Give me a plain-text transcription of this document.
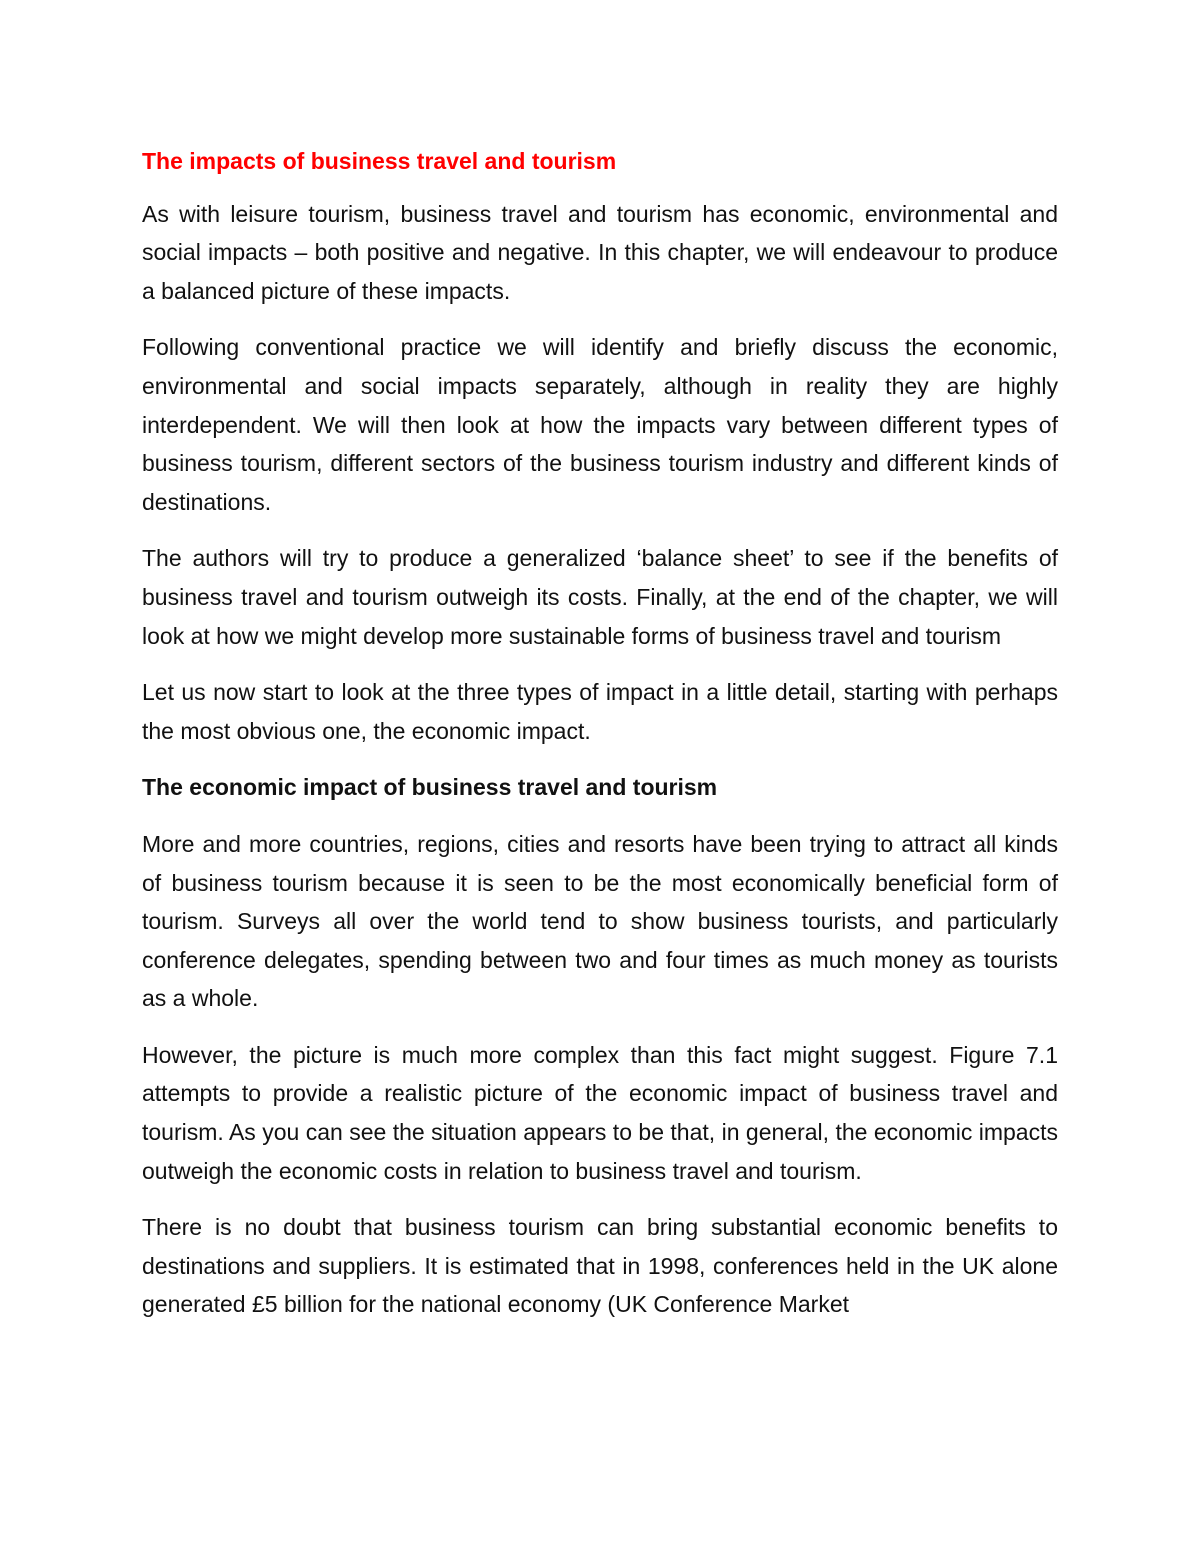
The impacts of business travel and tourism

As with leisure tourism, business travel and tourism has economic, environmental and social impacts – both positive and negative. In this chapter, we will endeavour to produce a balanced picture of these impacts.

Following conventional practice we will identify and briefly discuss the economic, environmental and social impacts separately, although in reality they are highly interdependent. We will then look at how the impacts vary between different types of business tourism, different sectors of the business tourism industry and different kinds of destinations.

The authors will try to produce a generalized ‘balance sheet’ to see if the benefits of business travel and tourism outweigh its costs. Finally, at the end of the chapter, we will look at how we might develop more sustainable forms of business travel and tourism

Let us now start to look at the three types of impact in a little detail, starting with perhaps the most obvious one, the economic impact.

The economic impact of business travel and tourism

More and more countries, regions, cities and resorts have been trying to attract all kinds of business tourism because it is seen to be the most economically beneficial form of tourism. Surveys all over the world tend to show business tourists, and particularly conference delegates, spending between two and four times as much money as tourists as a whole.

However, the picture is much more complex than this fact might suggest. Figure 7.1 attempts to provide a realistic picture of the economic impact of business travel and tourism. As you can see the situation appears to be that, in general, the economic impacts outweigh the economic costs in relation to business travel and tourism.

There is no doubt that business tourism can bring substantial economic benefits to destinations and suppliers. It is estimated that in 1998, conferences held in the UK alone generated £5 billion for the national economy (UK Conference Market
